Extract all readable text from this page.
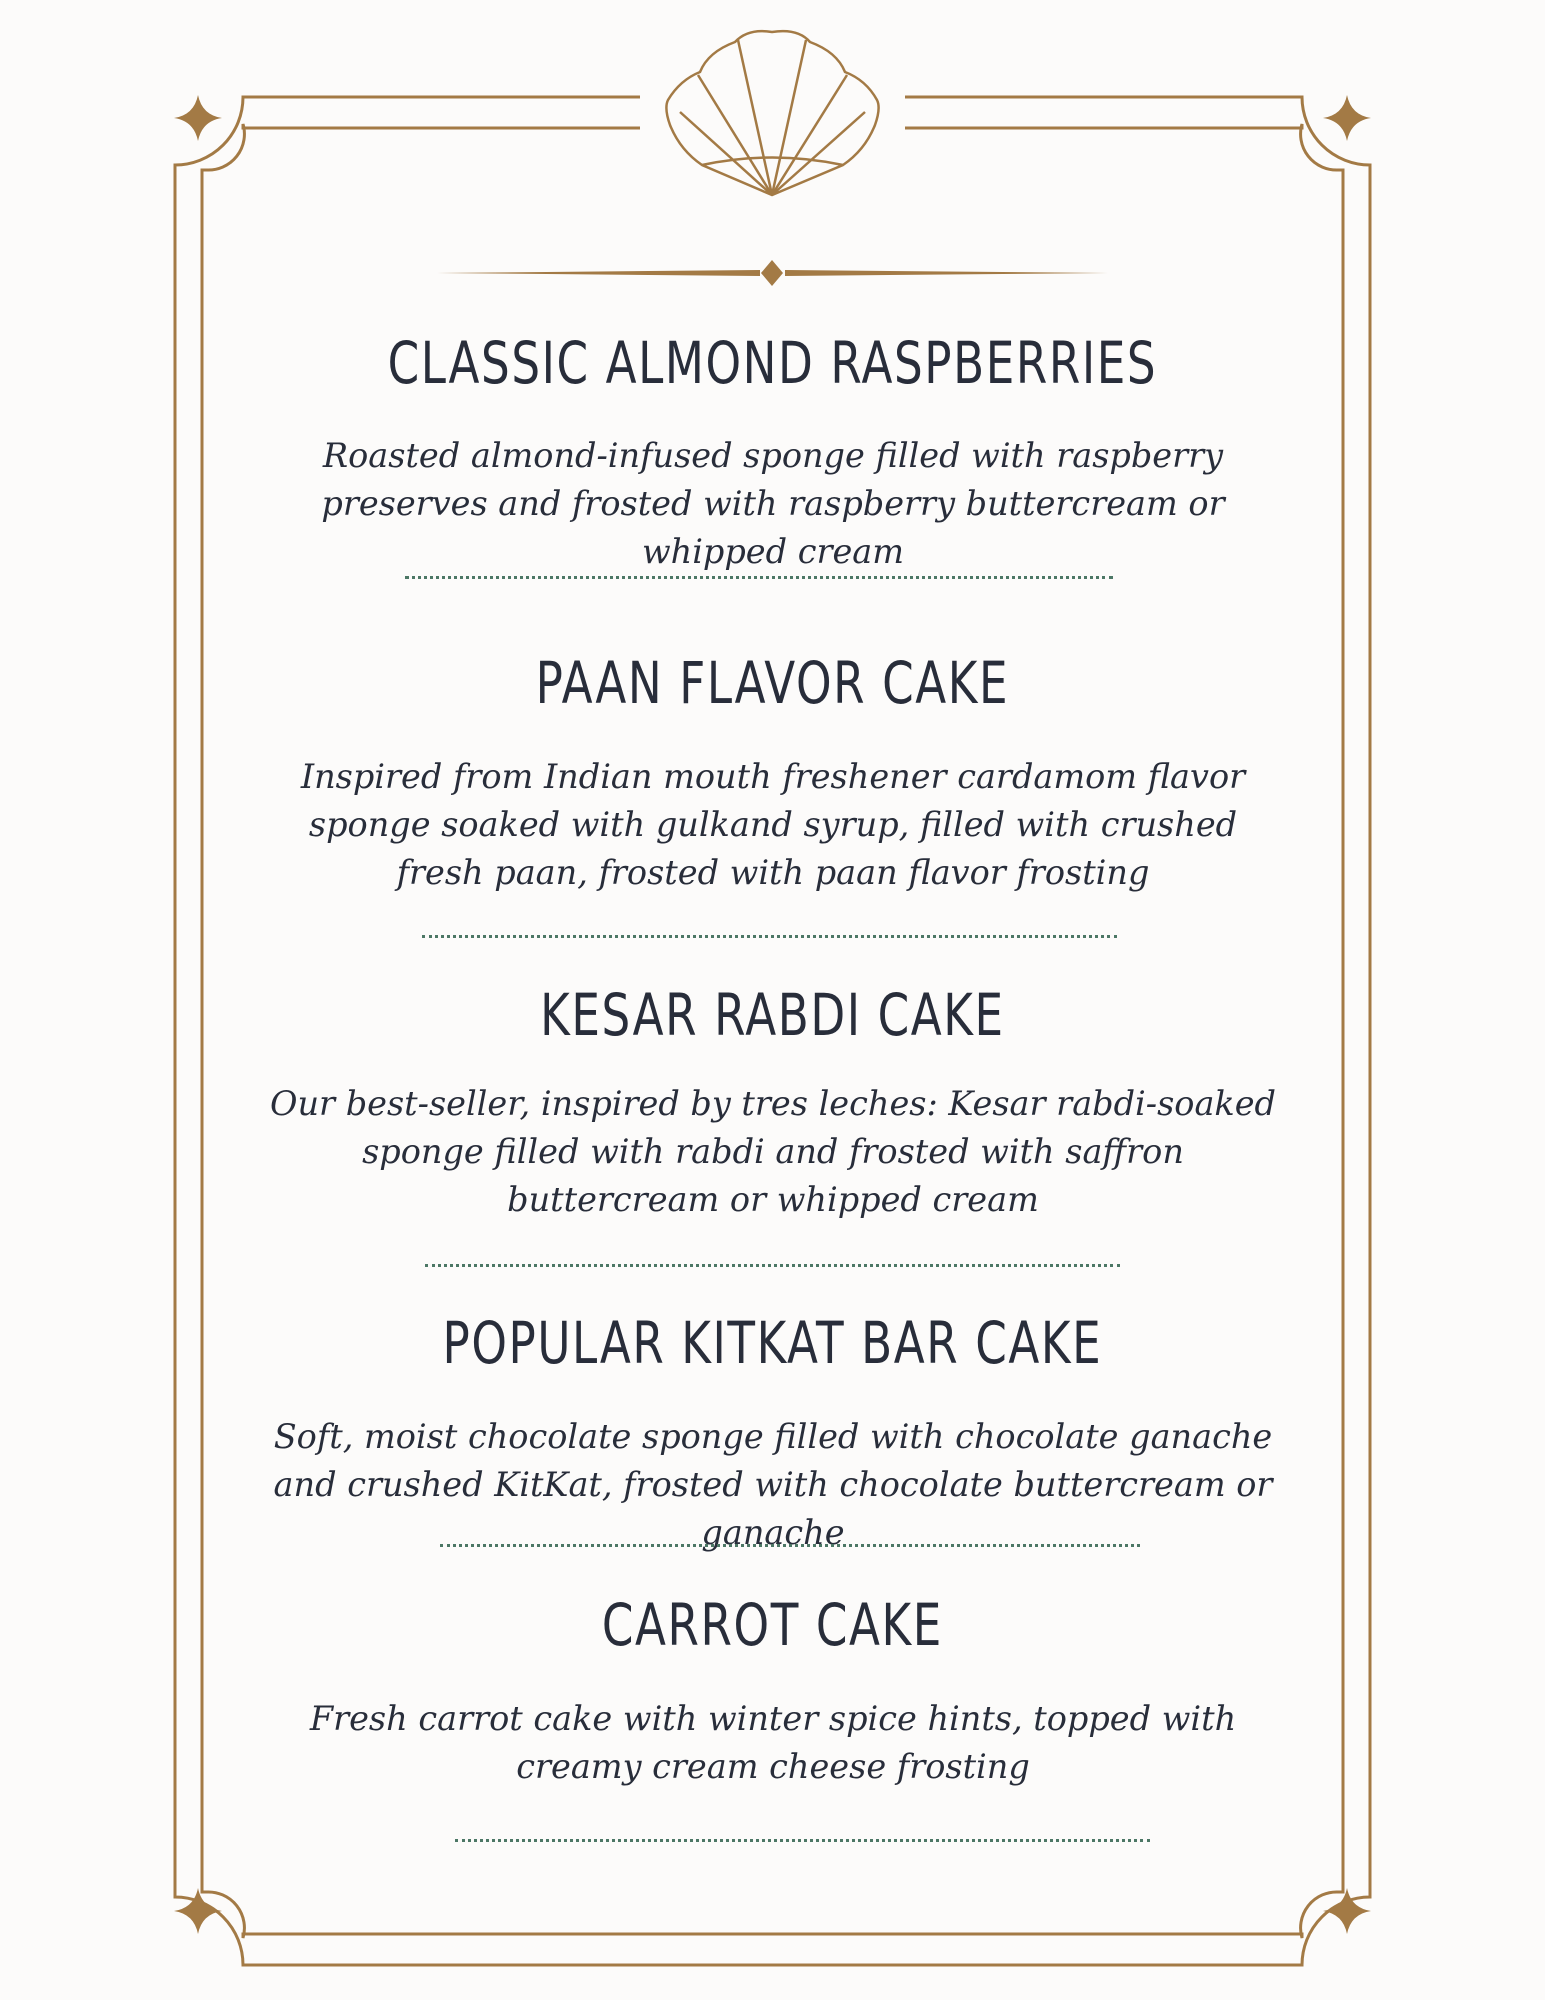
CLASSIC ALMOND RASPBERRIES
Roasted almond-infused sponge filled with raspberry preserves and frosted with raspberry buttercream or whipped cream
PAAN FLAVOR CAKE
Inspired from Indian mouth freshener cardamom flavor sponge soaked with gulkand syrup, filled with crushed fresh paan, frosted with paan flavor frosting
KESAR RABDI CAKE
Our best-seller, inspired by tres leches: Kesar rabdi-soaked sponge filled with rabdi and frosted with saffron buttercream or whipped cream
POPULAR KITKAT BAR CAKE
Soft, moist chocolate sponge filled with chocolate ganache and crushed KitKat, frosted with chocolate buttercream or ganache
CARROT CAKE
Fresh carrot cake with winter spice hints, topped with creamy cream cheese frosting
